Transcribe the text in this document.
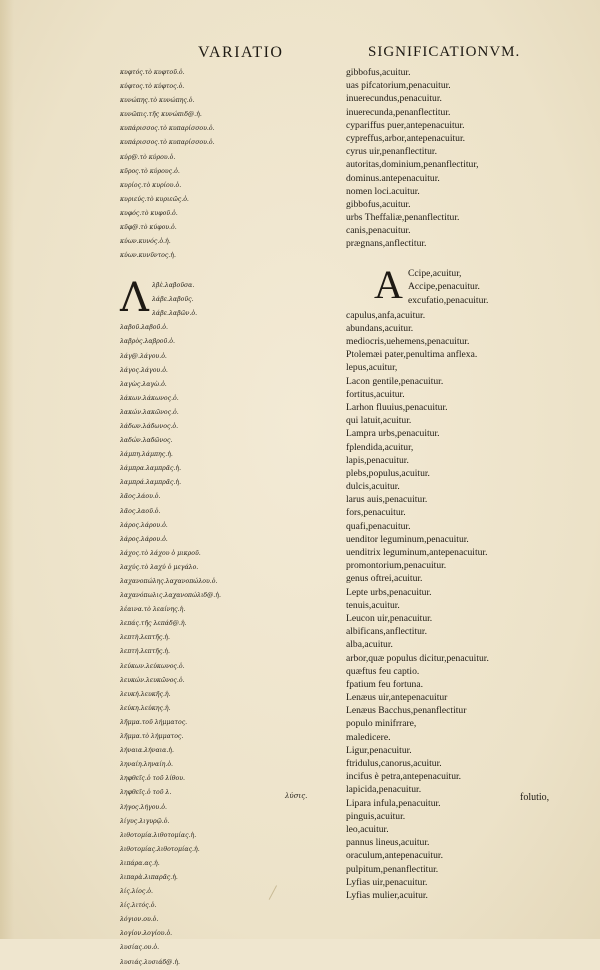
VARIATIO	SIGNIFICATIONVM.
κυφτός.τὸ κυφτοῦ.ὁ.
κύφτος.τὸ κύφτος.ὁ.
κυνώπης.τὸ κυνώπης.ὁ.
κυνῶπις.τῆς κυνώπιδ@.ἡ.
κυπάρισσος.τὸ κυπαρίσσου.ὁ.
κυπάρισσος.τὸ κυπαρίσσου.ὁ.
κύρ@.τὸ κύρου.ὁ.
κῦρος.τὸ κύρους.ὁ.
κυρίος.τὸ κυρίου.ὁ.
κυριεύς.τὸ κυριεῶς.ὁ.
κυφός.τὸ κυφοῦ.ὁ.
κῦφ@.τὸ κύφου.ὁ.
κύων.κυνός.ὁ.ἡ.
κύων.κυνῦντος.ἡ.
Λ λβὲ.λαβοῦσα.
λάβε.λαβοῦς.
λάβε.λαβῶν.ὁ.
λαβοῦ.λαβοῦ.ὁ.
λαβρὸς.λαβροῦ.ὁ.
λάγ@.λάγου.ὁ.
λάγος.λάγου.ὁ.
λαγὼς.λαγὼ.ὁ.
λάκων.λάκωνος.ὁ.
λακών.λακῶνος.ὁ.
λάδων.λάδωνος.ὁ.
λαδών.λαδῶνος.
λάμπη.λάμπης.ἡ.
λάμπρα.λαμπρᾶς.ἡ.
λαμπρά.λαμπρᾶς.ἡ.
λᾶος.λάου.ὁ.
λᾶος.λαοῦ.ὁ.
λάρος.λάρου.ὁ.
λάρος.λάρου.ὁ.
λάχος.τὸ λάχου ὁ μικροῦ.
λαχύς.τὸ λαχύ ὁ μεγάλο.
λαχανοπώλης.λαχανοπώλου.ὁ.
λαχανόπωλις.λαχανοπώλιδ@.ἡ.
λέαινα.τὸ λεαίνης.ἡ.
λεπάς.τῆς λεπάδ@.ἡ.
λεπτὴ.λεπτῆς.ἡ.
λεπτή.λεπτῆς.ἡ.
λεύκων.λεύκωνος.ὁ.
λευκών.λευκῶνος.ὁ.
λευκή.λευκῆς.ἡ.
λεύκη.λεύκης.ἡ.
λῆμμα.τοῦ λήμματος.
λῆμμα.τὸ λήμματος.
λήναια.λήναια.ἡ.
ληναίη.ληναίη.ὁ.
ληφθεῖς.ὁ τοῦ λίθου.
ληφθεῖς.ὁ τοῦ λ.
λήγος.λήγου.ὁ.
λίγυς.λιγυρῷ.ὁ.
λιθοτομία.λιθοτομίας.ἡ.
λιθοτομίας.λιθοτομίας.ἡ.
λιπάρα.ας.ἡ.
λιπαρὰ.λιπαρᾶς.ἡ.
λίς.λίος.ὁ.
λίς.λιτός.ὁ.
λόγιον.ου.ὁ.
λογίον.λογίου.ὁ.
λυσίας.ου.ὁ.
λυσιάς.λυσιάδ@.ἡ.
gibbofus,acuitur.
uas pifcatorium,penacuitur.
inuerecundus,penacuitur.
inuerecunda,penanflectitur.
cypariffus puer,antepenacuitur.
cypreffus,arbor,antepenacuitur.
cyrus uir,penanflectitur.
autoritas,dominium,penanflectitur,
dominus.antepenacuitur.
nomen loci.acuitur.
gibbofus,acuitur.
urbs Theffaliæ,penanflectitur.
canis,penacuitur.
prægnans,anflectitur.
A Ccipe,acuitur,
Accipe,penacuitur.
excufatio,penacuitur.
capulus,anfa,acuitur.
abundans,acuitur.
mediocris,uehemens,penacuitur.
Ptolemæi pater,penultima anflexa.
lepus,acuitur,
Lacon gentile,penacuitur.
fortitus,acuitur.
Larhon fluuius,penacuitur.
qui latuit,acuitur.
Lampra urbs,penacuitur.
fplendida,acuitur,
lapis,penacuitur.
plebs,populus,acuitur.
dulcis,acuitur.
larus auis,penacuitur.
fors,penacuitur.
quafi,penacuitur.
uenditor leguminum,penacuitur.
uenditrix leguminum,antepenacuitur.
promontorium,penacuitur.
genus oftrei,acuitur.
Lepte urbs,penacuitur.
tenuis,acuitur.
Leucon uir,penacuitur.
albificans,anflectitur.
alba,acuitur.
arbor,quæ populus dicitur,penacuitur.
quæftus feu captio.
fpatium feu fortuna.
Lenæus uir,antepenacuitur
Lenæus Bacchus,penanflectitur
populo minifrrare,
maledicere.
Ligur,penacuitur.
ftridulus,canorus,acuitur.
incifus è petra,antepenacuitur.
lapicida,penacuitur.
Lipara infula,penacuitur.
pinguis,acuitur.
leo,acuitur.
pannus lineus,acuitur.
oraculum,antepenacuitur.
pulpitum,penanflectitur.
Lyfias uir,penacuitur.
Lyfias mulier,acuitur.
λύσις.	folutio,
